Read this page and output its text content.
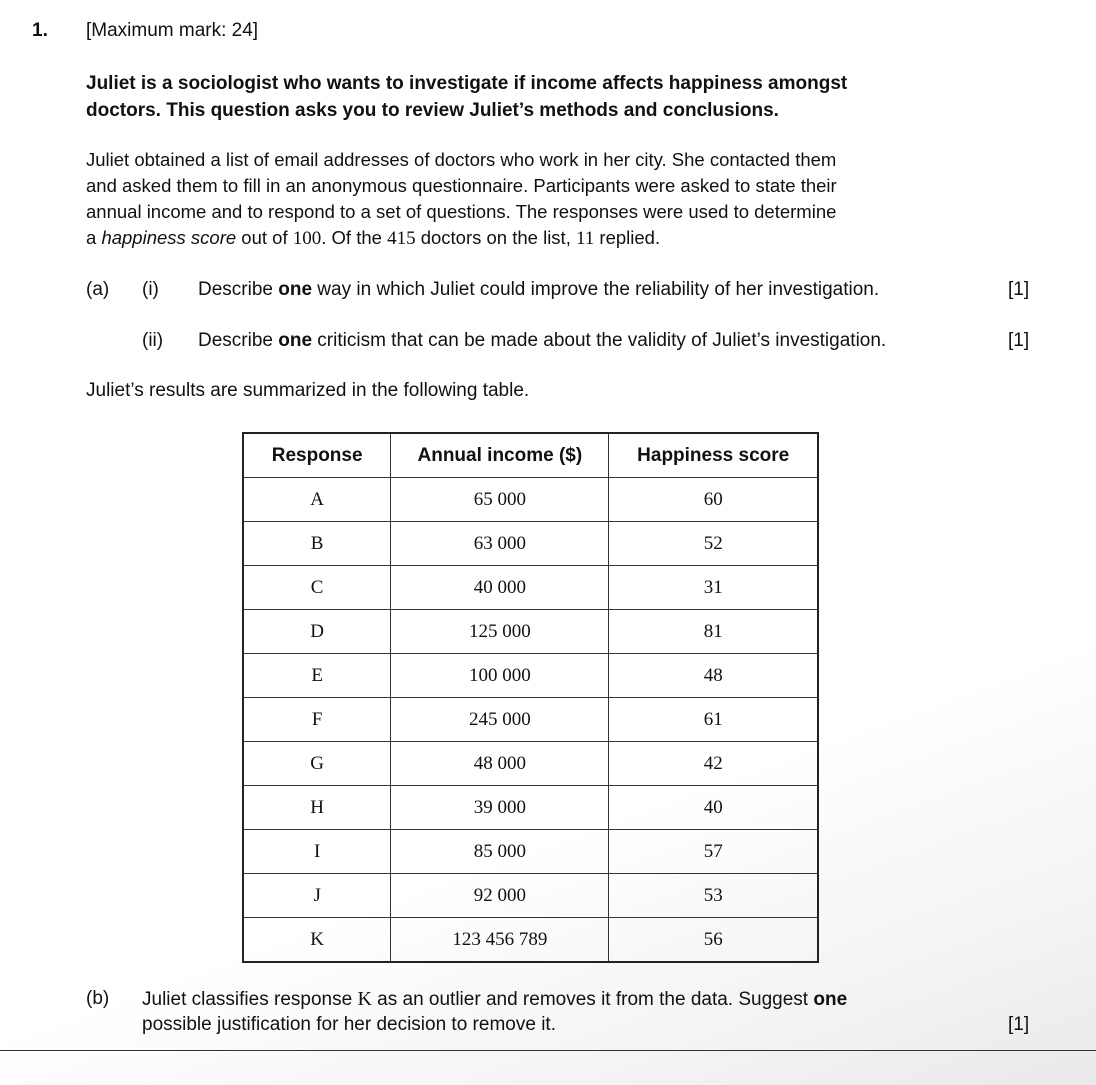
1. [Maximum mark: 24]
Juliet is a sociologist who wants to investigate if income affects happiness amongst
doctors. This question asks you to review Juliet’s methods and conclusions.
Juliet obtained a list of email addresses of doctors who work in her city. She contacted them
and asked them to fill in an anonymous questionnaire. Participants were asked to state their
annual income and to respond to a set of questions. The responses were used to determine
a happiness score out of 100. Of the 415 doctors on the list, 11 replied.
(a) (i) Describe one way in which Juliet could improve the reliability of her investigation.	[1]
(ii) Describe one criticism that can be made about the validity of Juliet’s investigation.	[1]
Juliet’s results are summarized in the following table.
Response	Annual income ($)	Happiness score
A	65 000	60
B	63 000	52
C	40 000	31
D	125 000	81
E	100 000	48
F	245 000	61
G	48 000	42
H	39 000	40
I	85 000	57
J	92 000	53
K	123 456 789	56
(b) Juliet classifies response K as an outlier and removes it from the data. Suggest one
possible justification for her decision to remove it.	[1]
